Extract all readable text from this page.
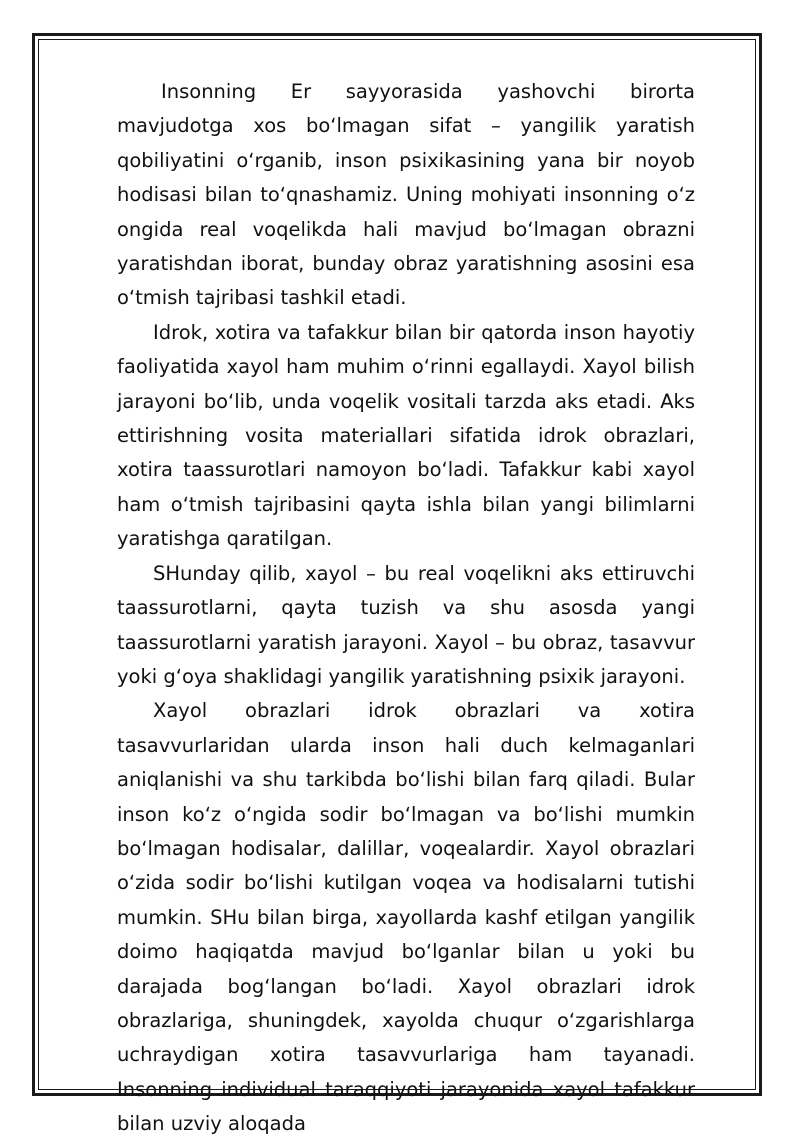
Insonning Er sayyorasida yashovchi birorta mavjudotga xos boʻlmagan sifat – yangilik yaratish qobiliyatini oʻrganib, inson psixikasining yana bir noyob hodisasi bilan toʻqnashamiz. Uning mohiyati insonning oʻz ongida real voqelikda hali mavjud boʻlmagan obrazni yaratishdan iborat, bunday obraz yaratishning asosini esa oʻtmish tajribasi tashkil etadi.

Idrok, xotira va tafakkur bilan bir qatorda inson hayotiy faoliyatida xayol ham muhim oʻrinni egallaydi. Xayol bilish jarayoni boʻlib, unda voqelik vositali tarzda aks etadi. Aks ettirishning vosita materiallari sifatida idrok obrazlari, xotira taassurotlari namoyon boʻladi. Tafakkur kabi xayol ham oʻtmish tajribasini qayta ishla bilan yangi bilimlarni yaratishga qaratilgan.

SHunday qilib, xayol – bu real voqelikni aks ettiruvchi taassurotlarni, qayta tuzish va shu asosda yangi taassurotlarni yaratish jarayoni. Xayol – bu obraz, tasavvur yoki gʻoya shaklidagi yangilik yaratishning psixik jarayoni.

Xayol obrazlari idrok obrazlari va xotira tasavvurlaridan ularda inson hali duch kelmaganlari aniqlanishi va shu tarkibda boʻlishi bilan farq qiladi. Bular inson koʻz oʻngida sodir boʻlmagan va boʻlishi mumkin boʻlmagan hodisalar, dalillar, voqealardir. Xayol obrazlari oʻzida sodir boʻlishi kutilgan voqea va hodisalarni tutishi mumkin. SHu bilan birga, xayollarda kashf etilgan yangilik doimo haqiqatda mavjud boʻlganlar bilan u yoki bu darajada bogʻlangan boʻladi. Xayol obrazlari idrok obrazlariga, shuningdek, xayolda chuqur oʻzgarishlarga uchraydigan xotira tasavvurlariga ham tayanadi. Insonning individual taraqqiyoti jarayonida xayol tafakkur bilan uzviy aloqada
